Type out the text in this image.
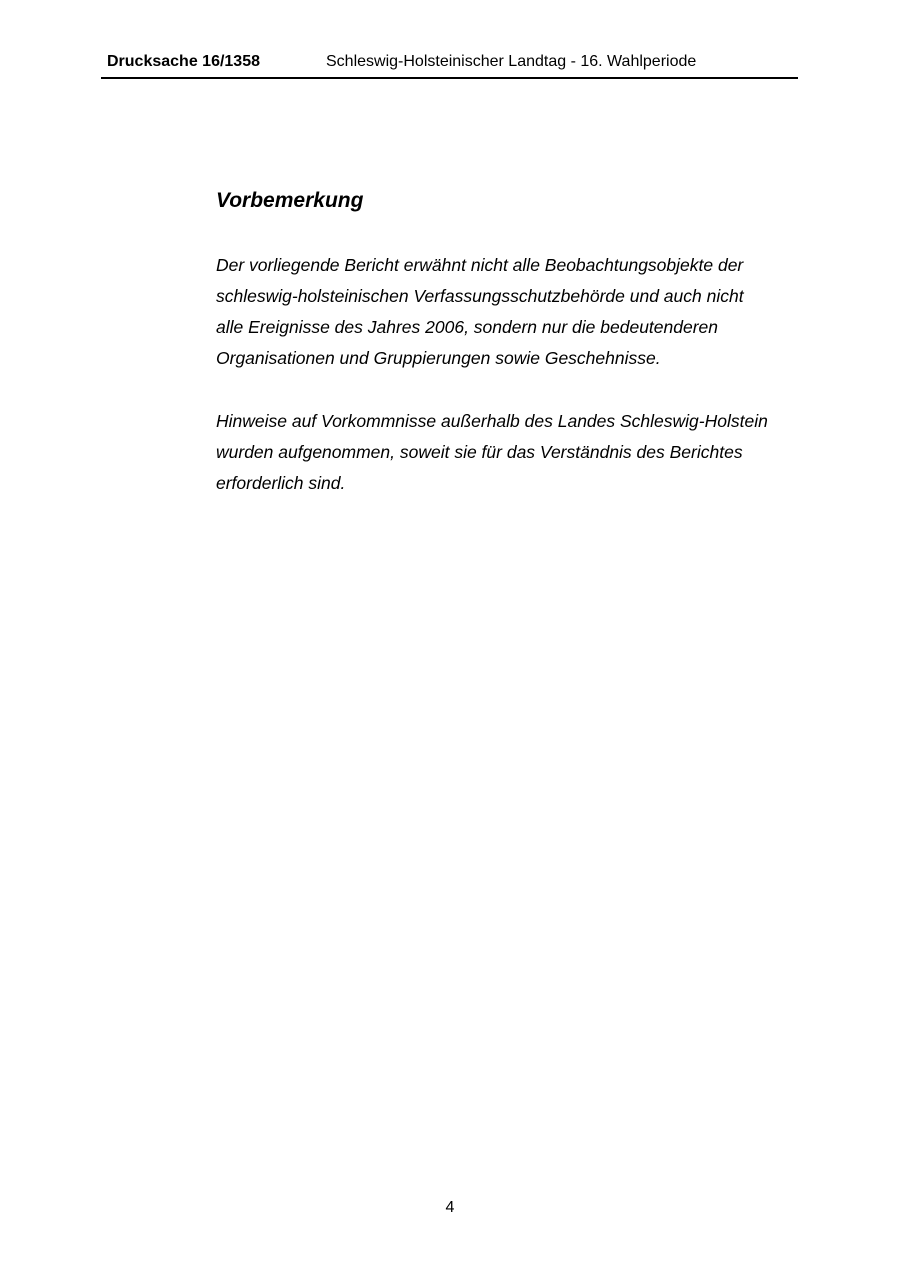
Drucksache 16/1358	Schleswig-Holsteinischer Landtag - 16. Wahlperiode
Vorbemerkung

Der vorliegende Bericht erwähnt nicht alle Beobachtungsobjekte der
schleswig-holsteinischen Verfassungsschutzbehörde und auch nicht
alle Ereignisse des Jahres 2006, sondern nur die bedeutenderen
Organisationen und Gruppierungen sowie Geschehnisse.

Hinweise auf Vorkommnisse außerhalb des Landes Schleswig-Holstein
wurden aufgenommen, soweit sie für das Verständnis des Berichtes
erforderlich sind.

4
